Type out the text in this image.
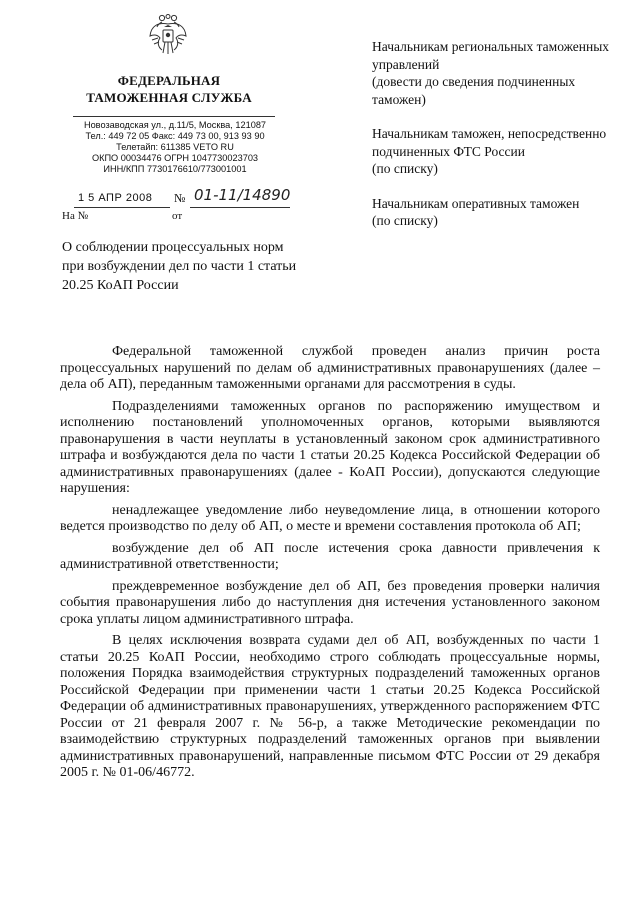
ФЕДЕРАЛЬНАЯ
ТАМОЖЕННАЯ СЛУЖБА
Новозаводская ул., д.11/5, Москва, 121087
Тел.: 449 72 05 Факс: 449 73 00, 913 93 90
Телетайп: 611385 VETO RU
ОКПО 00034476 ОГРН 1047730023703
ИНН/КПП 7730176610/773001001
1 5 АПР 2008 № 01-11/14890
На №	от
О соблюдении процессуальных норм при возбуждении дел по части 1 статьи 20.25 КоАП России
Начальникам региональных таможенных управлений
(довести до сведения подчиненных таможен)
Начальникам таможен, непосредственно подчиненных ФТС России
(по списку)
Начальникам оперативных таможен
(по списку)

Федеральной таможенной службой проведен анализ причин роста процессуальных нарушений по делам об административных правонарушениях (далее – дела об АП), переданным таможенными органами для рассмотрения в суды.

Подразделениями таможенных органов по распоряжению имуществом и исполнению постановлений уполномоченных органов, которыми выявляются правонарушения в части неуплаты в установленный законом срок административного штрафа и возбуждаются дела по части 1 статьи 20.25 Кодекса Российской Федерации об административных правонарушениях (далее - КоАП России), допускаются следующие нарушения:

ненадлежащее уведомление либо неуведомление лица, в отношении которого ведется производство по делу об АП, о месте и времени составления протокола об АП;

возбуждение дел об АП после истечения срока давности привлечения к административной ответственности;

преждевременное возбуждение дел об АП, без проведения проверки наличия события правонарушения либо до наступления дня истечения установленного законом срока уплаты лицом административного штрафа.

В целях исключения возврата судами дел об АП, возбужденных по части 1 статьи 20.25 КоАП России, необходимо строго соблюдать процессуальные нормы, положения Порядка взаимодействия структурных подразделений таможенных органов Российской Федерации при применении части 1 статьи 20.25 Кодекса Российской Федерации об административных правонарушениях, утвержденного распоряжением ФТС России от 21 февраля 2007 г. № 56-р, а также Методические рекомендации по взаимодействию структурных подразделений таможенных органов при выявлении административных правонарушений, направленные письмом ФТС России от 29 декабря 2005 г. № 01-06/46772.
